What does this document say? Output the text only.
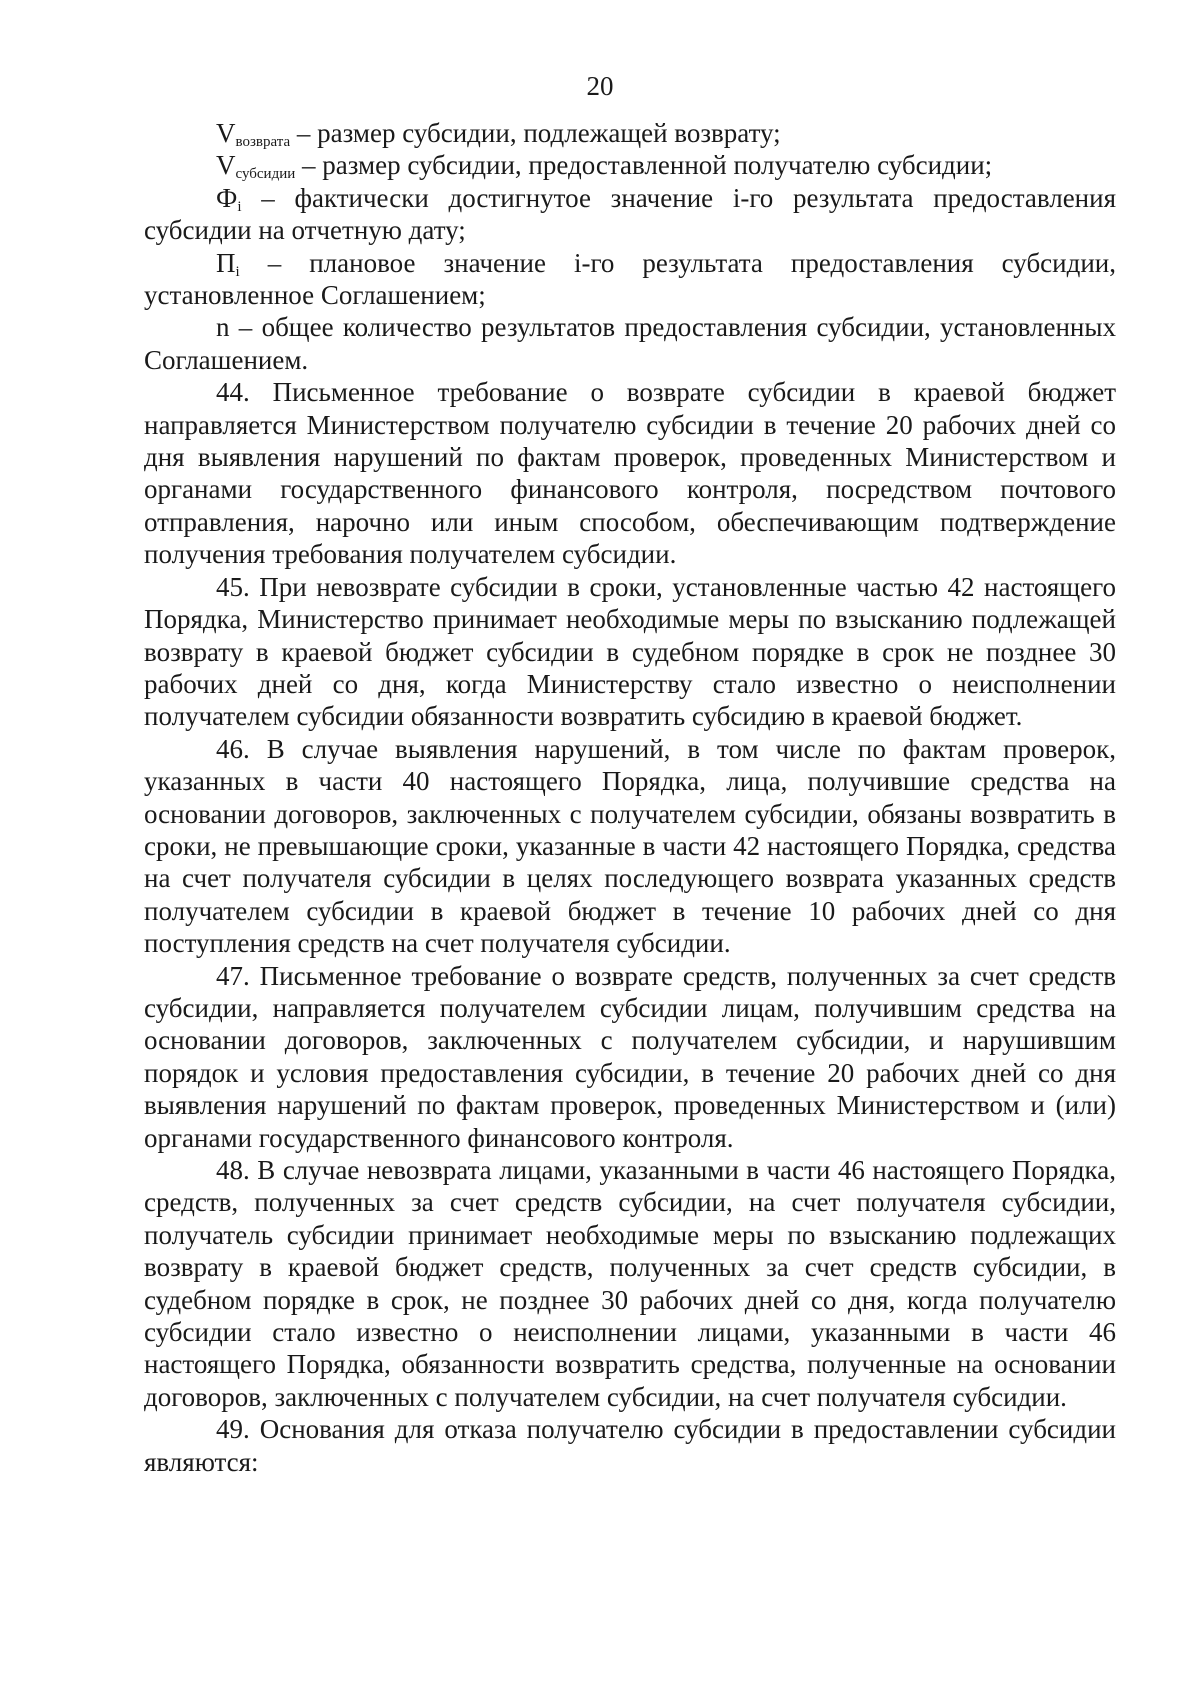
20

$V_{возврата}$ – размер субсидии, подлежащей возврату;

$V_{субсидии}$ – размер субсидии, предоставленной получателю субсидии;

$Ф_i$ – фактически достигнутое значение i-го результата предоставления субсидии на отчетную дату;

$П_i$ – плановое значение i-го результата предоставления субсидии, установленное Соглашением;

n – общее количество результатов предоставления субсидии, установленных Соглашением.

44. Письменное требование о возврате субсидии в краевой бюджет направляется Министерством получателю субсидии в течение 20 рабочих дней со дня выявления нарушений по фактам проверок, проведенных Министерством и органами государственного финансового контроля, посредством почтового отправления, нарочно или иным способом, обеспечивающим подтверждение получения требования получателем субсидии.

45. При невозврате субсидии в сроки, установленные частью 42 настоящего Порядка, Министерство принимает необходимые меры по взысканию подлежащей возврату в краевой бюджет субсидии в судебном порядке в срок не позднее 30 рабочих дней со дня, когда Министерству стало известно о неисполнении получателем субсидии обязанности возвратить субсидию в краевой бюджет.

46. В случае выявления нарушений, в том числе по фактам проверок, указанных в части 40 настоящего Порядка, лица, получившие средства на основании договоров, заключенных с получателем субсидии, обязаны возвратить в сроки, не превышающие сроки, указанные в части 42 настоящего Порядка, средства на счет получателя субсидии в целях последующего возврата указанных средств получателем субсидии в краевой бюджет в течение 10 рабочих дней со дня поступления средств на счет получателя субсидии.

47. Письменное требование о возврате средств, полученных за счет средств субсидии, направляется получателем субсидии лицам, получившим средства на основании договоров, заключенных с получателем субсидии, и нарушившим порядок и условия предоставления субсидии, в течение 20 рабочих дней со дня выявления нарушений по фактам проверок, проведенных Министерством и (или) органами государственного финансового контроля.

48. В случае невозврата лицами, указанными в части 46 настоящего Порядка, средств, полученных за счет средств субсидии, на счет получателя субсидии, получатель субсидии принимает необходимые меры по взысканию подлежащих возврату в краевой бюджет средств, полученных за счет средств субсидии, в судебном порядке в срок, не позднее 30 рабочих дней со дня, когда получателю субсидии стало известно о неисполнении лицами, указанными в части 46 настоящего Порядка, обязанности возвратить средства, полученные на основании договоров, заключенных с получателем субсидии, на счет получателя субсидии.

49. Основания для отказа получателю субсидии в предоставлении субсидии являются:
